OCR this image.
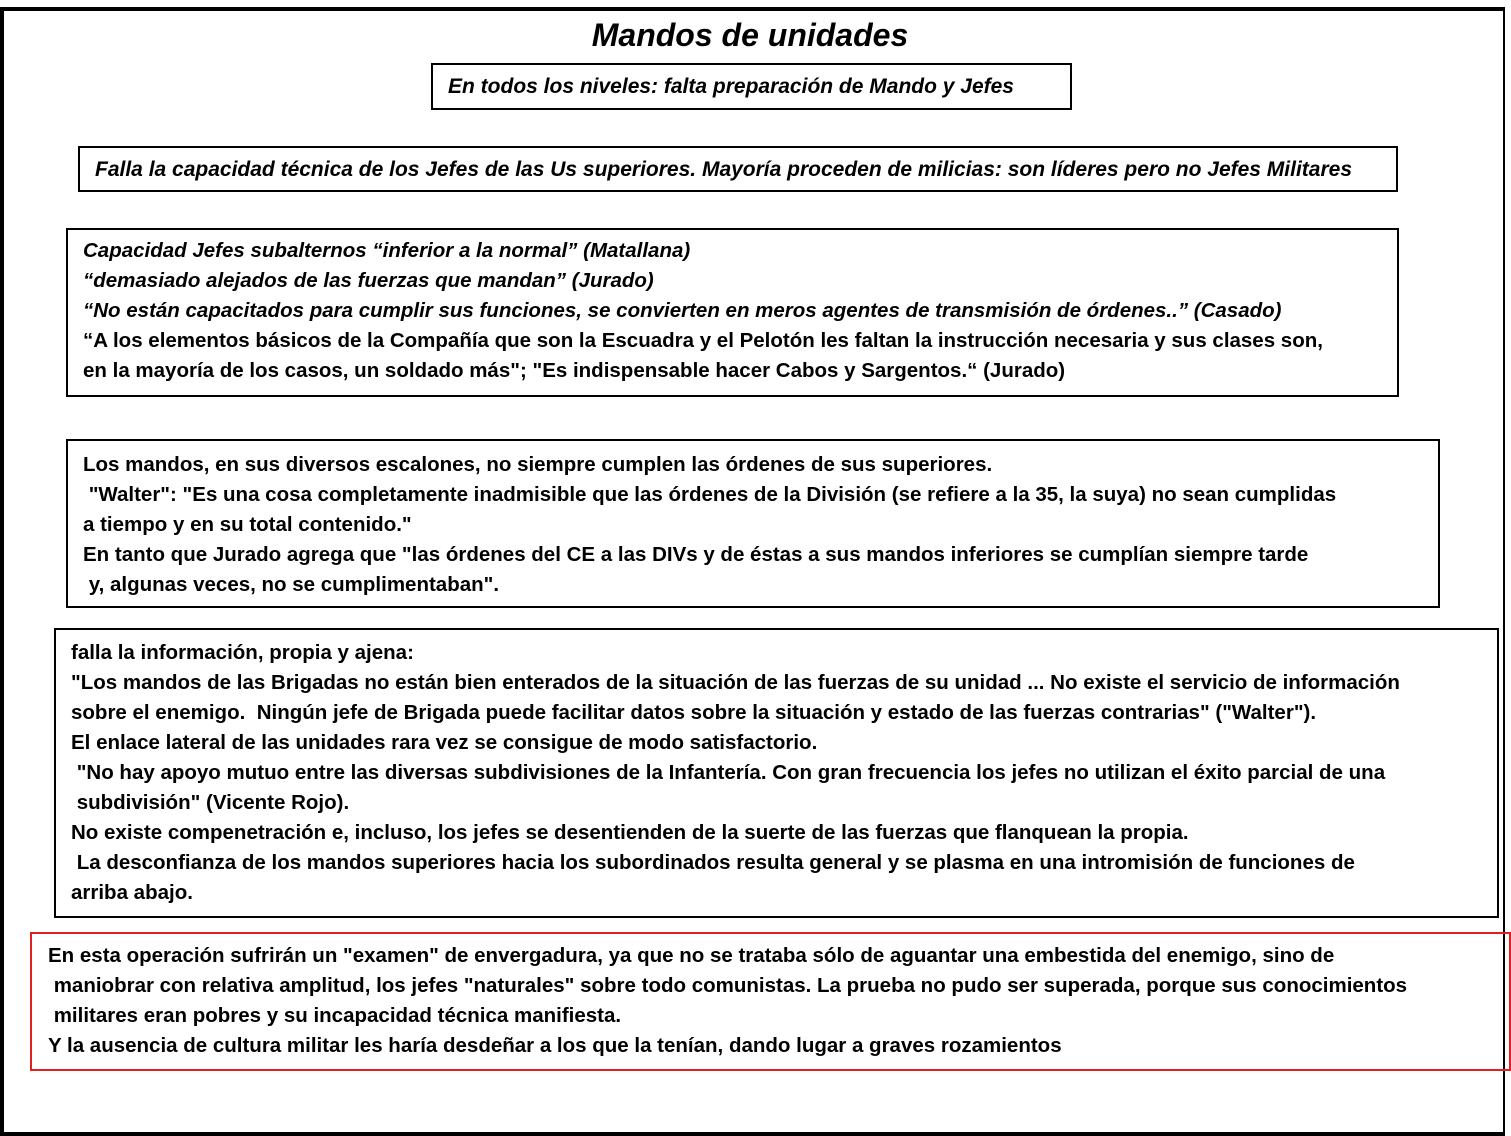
Mandos de unidades
En todos los niveles: falta preparación de Mando y Jefes
Falla la capacidad técnica de los Jefes de las Us superiores. Mayoría proceden de milicias: son líderes pero no Jefes Militares
Capacidad Jefes subalternos “inferior a la normal” (Matallana)
“demasiado alejados de las fuerzas que mandan” (Jurado)
“No están capacitados para cumplir sus funciones, se convierten en meros agentes de transmisión de órdenes..” (Casado)
“A los elementos básicos de la Compañía que son la Escuadra y el Pelotón les faltan la instrucción necesaria y sus clases son,
en la mayoría de los casos, un soldado más"; "Es indispensable hacer Cabos y Sargentos.“ (Jurado)
Los mandos, en sus diversos escalones, no siempre cumplen las órdenes de sus superiores.
"Walter": "Es una cosa completamente inadmisible que las órdenes de la División (se refiere a la 35, la suya) no sean cumplidas
a tiempo y en su total contenido."
En tanto que Jurado agrega que "las órdenes del CE a las DIVs y de éstas a sus mandos inferiores se cumplían siempre tarde
y, algunas veces, no se cumplimentaban".
falla la información, propia y ajena:
"Los mandos de las Brigadas no están bien enterados de la situación de las fuerzas de su unidad ... No existe el servicio de información
sobre el enemigo.  Ningún jefe de Brigada puede facilitar datos sobre la situación y estado de las fuerzas contrarias" ("Walter").
El enlace lateral de las unidades rara vez se consigue de modo satisfactorio.
"No hay apoyo mutuo entre las diversas subdivisiones de la Infantería. Con gran frecuencia los jefes no utilizan el éxito parcial de una
subdivisión" (Vicente Rojo).
No existe compenetración e, incluso, los jefes se desentienden de la suerte de las fuerzas que flanquean la propia.
La desconfianza de los mandos superiores hacia los subordinados resulta general y se plasma en una intromisión de funciones de
arriba abajo.
En esta operación sufrirán un "examen" de envergadura, ya que no se trataba sólo de aguantar una embestida del enemigo, sino de
maniobrar con relativa amplitud, los jefes "naturales" sobre todo comunistas. La prueba no pudo ser superada, porque sus conocimientos
militares eran pobres y su incapacidad técnica manifiesta.
Y la ausencia de cultura militar les haría desdeñar a los que la tenían, dando lugar a graves rozamientos
